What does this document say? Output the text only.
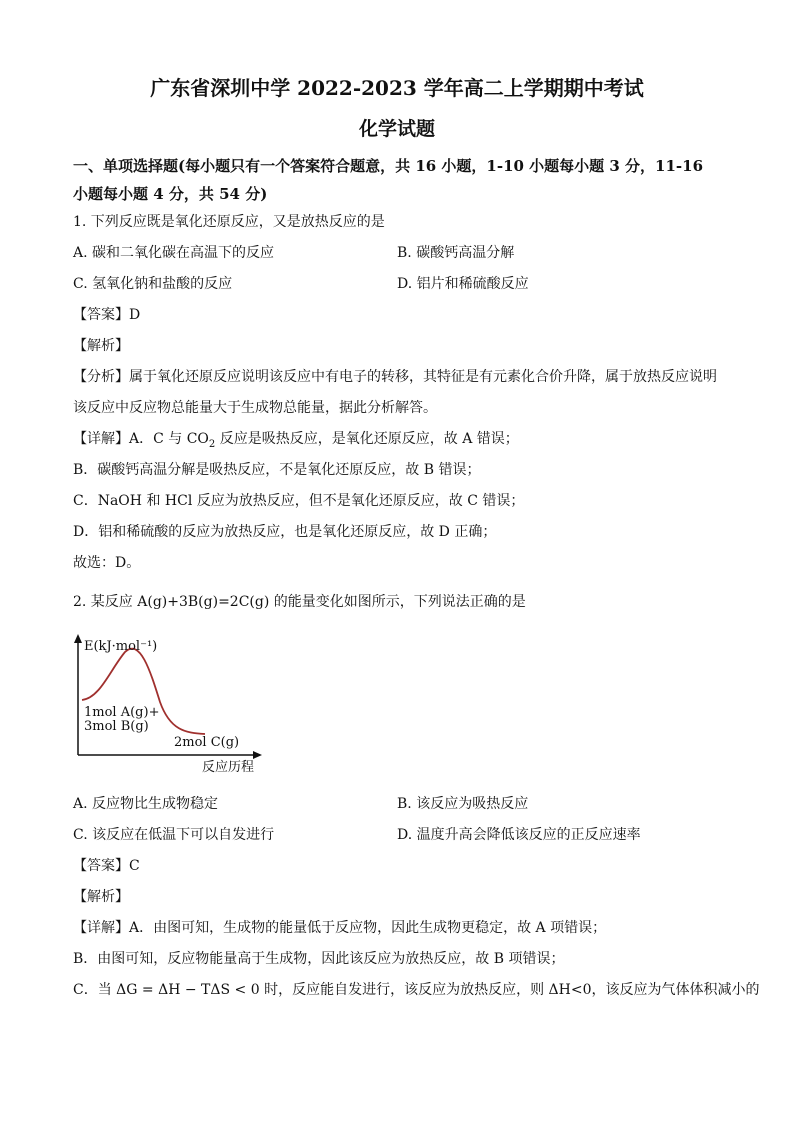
广东省深圳中学 2022-2023 学年高二上学期期中考试
化学试题
一、单项选择题(每小题只有一个答案符合题意，共 16 小题，1-10 小题每小题 3 分，11-16
小题每小题 4 分，共 54 分)
1. 下列反应既是氧化还原反应，又是放热反应的是
A. 碳和二氧化碳在高温下的反应	B. 碳酸钙高温分解
C. 氢氧化钠和盐酸的反应	D. 铝片和稀硫酸反应
【答案】D
【解析】
【分析】属于氧化还原反应说明该反应中有电子的转移，其特征是有元素化合价升降，属于放热反应说明
该反应中反应物总能量大于生成物总能量，据此分析解答。
【详解】A．C 与 $CO_2$ 反应是吸热反应，是氧化还原反应，故 A 错误；
B．碳酸钙高温分解是吸热反应，不是氧化还原反应，故 B 错误；
C．NaOH 和 HCl 反应为放热反应，但不是氧化还原反应，故 C 错误；
D．铝和稀硫酸的反应为放热反应，也是氧化还原反应，故 D 正确；
故选：D。
2. 某反应 A(g)+3B(g)=2C(g) 的能量变化如图所示，下列说法正确的是
E(kJ·mol⁻¹)
1mol A(g)+
3mol B(g)
2mol C(g)
反应历程
A. 反应物比生成物稳定	B. 该反应为吸热反应
C. 该反应在低温下可以自发进行	D. 温度升高会降低该反应的正反应速率
【答案】C
【解析】
【详解】A．由图可知，生成物的能量低于反应物，因此生成物更稳定，故 A 项错误；
B．由图可知，反应物能量高于生成物，因此该反应为放热反应，故 B 项错误；
C．当 ΔG = ΔH − TΔS < 0 时，反应能自发进行，该反应为放热反应，则 ΔH<0，该反应为气体体积减小的
